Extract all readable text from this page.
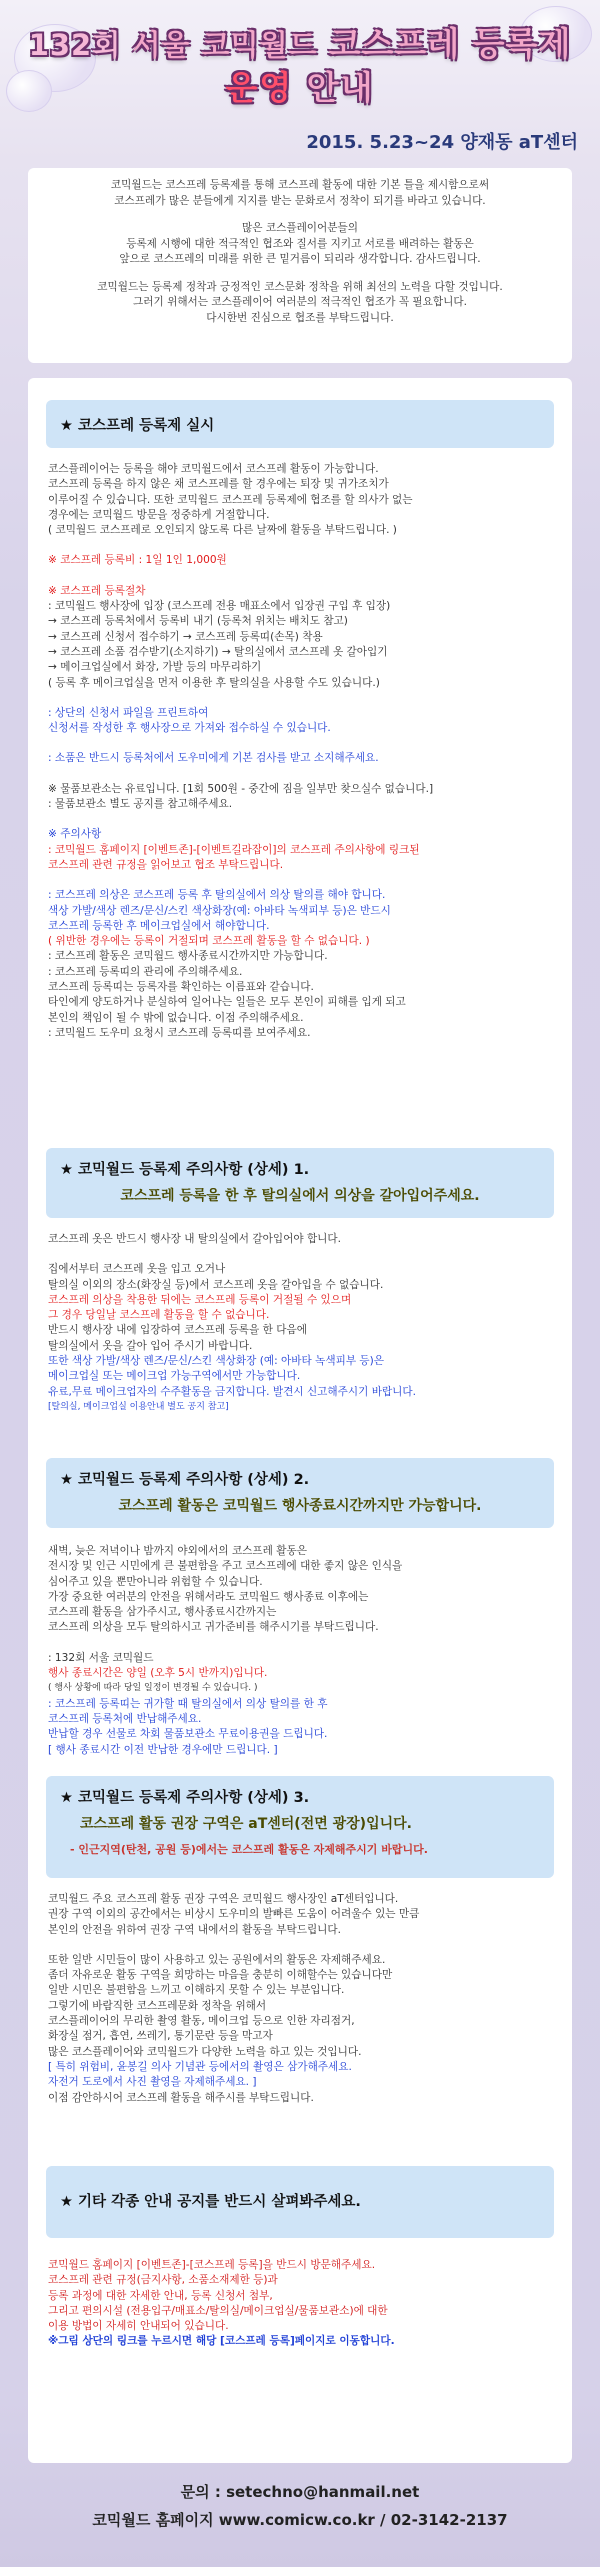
132회 서울 코믹월드 코스프레 등록제
운영 안내
2015. 5.23~24 양재동 aT센터

코믹월드는 코스프레 등록제를 통해 코스프레 활동에 대한 기본 틀을 제시함으로써
코스프레가 많은 분들에게 지지를 받는 문화로서 정착이 되기를 바라고 있습니다.

많은 코스플레이어분들의
등록제 시행에 대한 적극적인 협조와 질서를 지키고 서로를 배려하는 활동은
앞으로 코스프레의 미래를 위한 큰 밑거름이 되리라 생각합니다. 감사드립니다.

코믹월드는 등록제 정착과 긍정적인 코스문화 정착을 위해 최선의 노력을 다할 것입니다.
그러기 위해서는 코스플레이어 여러분의 적극적인 협조가 꼭 필요합니다.
다시한번 진심으로 협조를 부탁드립니다.

★ 코스프레 등록제 실시
코스플레이어는 등록을 해야 코믹월드에서 코스프레 활동이 가능합니다.
코스프레 등록을 하지 않은 채 코스프레를 할 경우에는 퇴장 및 귀가조치가
이루어질 수 있습니다. 또한 코믹월드 코스프레 등록제에 협조를 할 의사가 없는
경우에는 코믹월드 방문을 정중하게 거절합니다.
( 코믹월드 코스프레로 오인되지 않도록 다른 날짜에 활동을 부탁드립니다. )
※ 코스프레 등록비 : 1일 1인 1,000원
※ 코스프레 등록절차
: 코믹월드 행사장에 입장 (코스프레 전용 매표소에서 입장권 구입 후 입장)
→ 코스프레 등록처에서 등록비 내기 (등록처 위치는 배치도 참고)
→ 코스프레 신청서 접수하기 → 코스프레 등록띠(손목) 착용
→ 코스프레 소품 검수받기(소지하기) → 탈의실에서 코스프레 옷 갈아입기
→ 메이크업실에서 화장, 가발 등의 마무리하기
( 등록 후 메이크업실을 먼저 이용한 후 탈의실을 사용할 수도 있습니다.)
: 상단의 신청서 파일을 프린트하여
신청서를 작성한 후 행사장으로 가져와 접수하실 수 있습니다.
: 소품은 반드시 등록처에서 도우미에게 기본 검사를 받고 소지해주세요.
※ 물품보관소는 유료입니다. [1회 500원 - 중간에 짐을 일부만 찾으실수 없습니다.]
: 물품보관소 별도 공지를 참고해주세요.
※ 주의사항
: 코믹월드 홈페이지 [이벤트존]-[이벤트길라잡이]의 코스프레 주의사항에 링크된
코스프레 관련 규정을 읽어보고 협조 부탁드립니다.
: 코스프레 의상은 코스프레 등록 후 탈의실에서 의상 탈의를 해야 합니다.
색상 가발/색상 렌즈/문신/스킨 색상화장(예: 아바타 녹색피부 등)은 반드시
코스프레 등록한 후 메이크업실에서 해야합니다.
( 위반한 경우에는 등록이 거절되며 코스프레 활동을 할 수 없습니다. )
: 코스프레 활동은 코믹월드 행사종료시간까지만 가능합니다.
: 코스프레 등록띠의 관리에 주의해주세요.
코스프레 등록띠는 등록자를 확인하는 이름표와 같습니다.
타인에게 양도하거나 분실하여 일어나는 일들은 모두 본인이 피해를 입게 되고
본인의 책임이 될 수 밖에 없습니다. 이점 주의해주세요.
: 코믹월드 도우미 요청시 코스프레 등록띠를 보여주세요.
★ 코믹월드 등록제 주의사항 (상세) 1.
코스프레 등록을 한 후 탈의실에서 의상을 갈아입어주세요.
코스프레 옷은 반드시 행사장 내 탈의실에서 갈아입어야 합니다.
집에서부터 코스프레 옷을 입고 오거나
탈의실 이외의 장소(화장실 등)에서 코스프레 옷을 갈아입을 수 없습니다.
코스프레 의상을 착용한 뒤에는 코스프레 등록이 거절될 수 있으며
그 경우 당일날 코스프레 활동을 할 수 없습니다.
반드시 행사장 내에 입장하여 코스프레 등록을 한 다음에
탈의실에서 옷을 갈아 입어 주시기 바랍니다.
또한 색상 가발/색상 렌즈/문신/스킨 색상화장 (예: 아바타 녹색피부 등)은
메이크업실 또는 메이크업 가능구역에서만 가능합니다.
유료,무료 메이크업자의 수주활동을 금지합니다. 발견시 신고해주시기 바랍니다.
[탈의실, 메이크업실 이용안내 별도 공지 참고]
★ 코믹월드 등록제 주의사항 (상세) 2.
코스프레 활동은 코믹월드 행사종료시간까지만 가능합니다.
새벽, 늦은 저녁이나 밤까지 야외에서의 코스프레 활동은
전시장 및 인근 시민에게 큰 불편함을 주고 코스프레에 대한 좋지 않은 인식을
심어주고 있을 뿐만아니라 위험할 수 있습니다.
가장 중요한 여러분의 안전을 위해서라도 코믹월드 행사종료 이후에는
코스프레 활동을 삼가주시고, 행사종료시간까지는
코스프레 의상을 모두 탈의하시고 귀가준비를 해주시기를 부탁드립니다.
: 132회 서울 코믹월드
행사 종료시간은 양일 (오후 5시 반까지)입니다.
( 행사 상황에 따라 당일 일정이 변경될 수 있습니다. )
: 코스프레 등록띠는 귀가할 때 탈의실에서 의상 탈의를 한 후
코스프레 등록처에 반납해주세요.
반납할 경우 선물로 차회 물품보관소 무료이용권을 드립니다.
[ 행사 종료시간 이전 반납한 경우에만 드립니다. ]
★ 코믹월드 등록제 주의사항 (상세) 3.
코스프레 활동 권장 구역은 aT센터(전면 광장)입니다.
- 인근지역(탄천, 공원 등)에서는 코스프레 활동은 자제해주시기 바랍니다.
코믹월드 주요 코스프레 활동 권장 구역은 코믹월드 행사장인 aT센터입니다.
권장 구역 이외의 공간에서는 비상시 도우미의 발빠른 도움이 어려울수 있는 만큼
본인의 안전을 위하여 권장 구역 내에서의 활동을 부탁드립니다.
또한 일반 시민들이 많이 사용하고 있는 공원에서의 활동은 자제해주세요.
좀더 자유로운 활동 구역을 희망하는 마음을 충분히 이해할수는 있습니다만
일반 시민은 불편함을 느끼고 이해하지 못할 수 있는 부분입니다.
그렇기에 바람직한 코스프레문화 정착을 위해서
코스플레이어의 무리한 촬영 활동, 메이크업 등으로 인한 자리점거,
화장실 점거, 흡연, 쓰레기, 통기문란 등을 막고자
많은 코스플레이어와 코믹월드가 다양한 노력을 하고 있는 것입니다.
[ 특히 위험비, 윤봉길 의사 기념관 등에서의 촬영은 삼가해주세요.
자전거 도로에서 사진 촬영을 자제해주세요. ]
이점 감안하시어 코스프레 활동을 해주시를 부탁드립니다.
★ 기타 각종 안내 공지를 반드시 살펴봐주세요.
코믹월드 홈페이지 [이벤트존]-[코스프레 등록]을 반드시 방문해주세요.
코스프레 관련 규정(금지사항, 소품소재제한 등)과
등록 과정에 대한 자세한 안내, 등록 신청서 첨부,
그리고 편의시설 (전용입구/매표소/탈의실/메이크업실/물품보관소)에 대한
이용 방법이 자세히 안내되어 있습니다.
※그림 상단의 링크를 누르시면 해당 [코스프레 등록]페이지로 이동합니다.
문의 : setechno@hanmail.net
코믹월드 홈페이지 www.comicw.co.kr / 02-3142-2137
